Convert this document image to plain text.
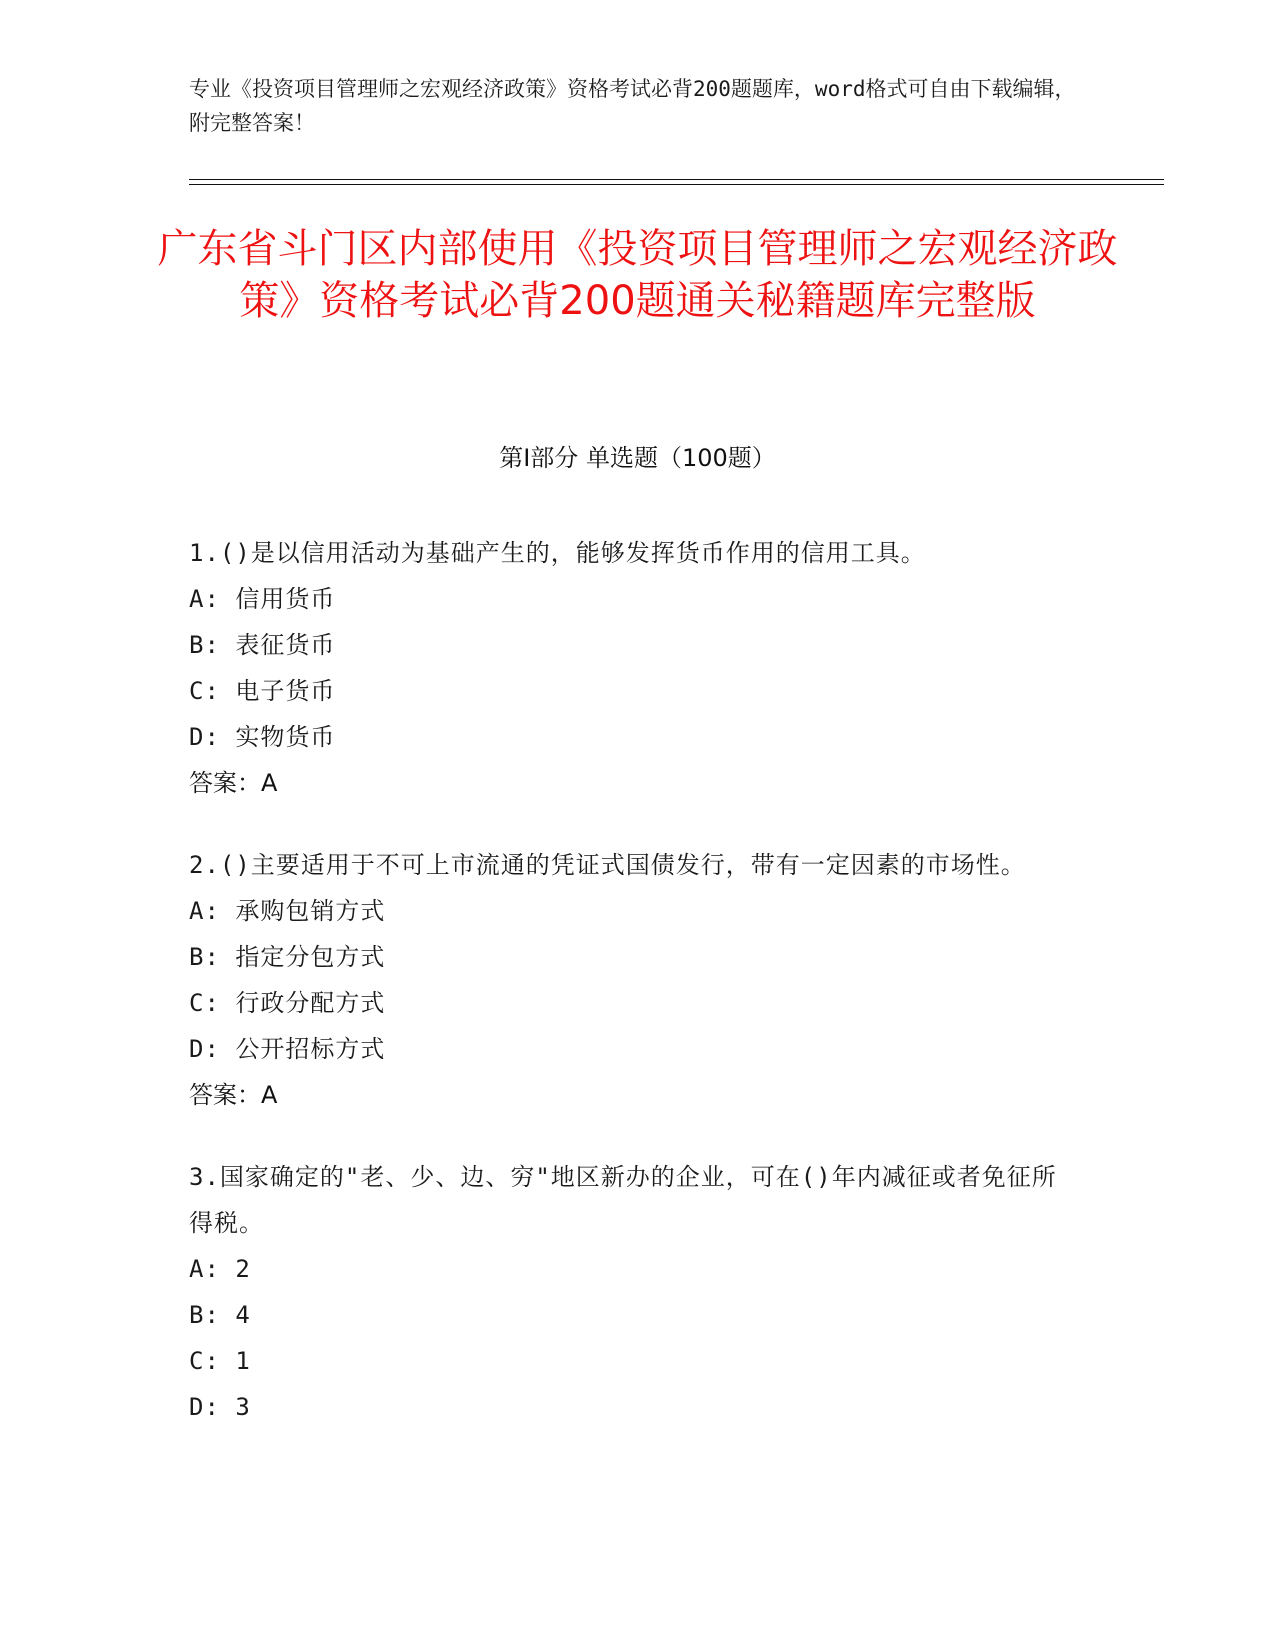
专业《投资项目管理师之宏观经济政策》资格考试必背200题题库，word格式可自由下载编辑，附完整答案！
广东省斗门区内部使用《投资项目管理师之宏观经济政策》资格考试必背200题通关秘籍题库完整版
第Ⅰ部分 单选题（100题）
1.()是以信用活动为基础产生的，能够发挥货币作用的信用工具。
A: 信用货币
B: 表征货币
C: 电子货币
D: 实物货币
答案：A
2.()主要适用于不可上市流通的凭证式国债发行，带有一定因素的市场性。
A: 承购包销方式
B: 指定分包方式
C: 行政分配方式
D: 公开招标方式
答案：A
3.国家确定的"老、少、边、穷"地区新办的企业，可在()年内减征或者免征所得税。
A: 2
B: 4
C: 1
D: 3
